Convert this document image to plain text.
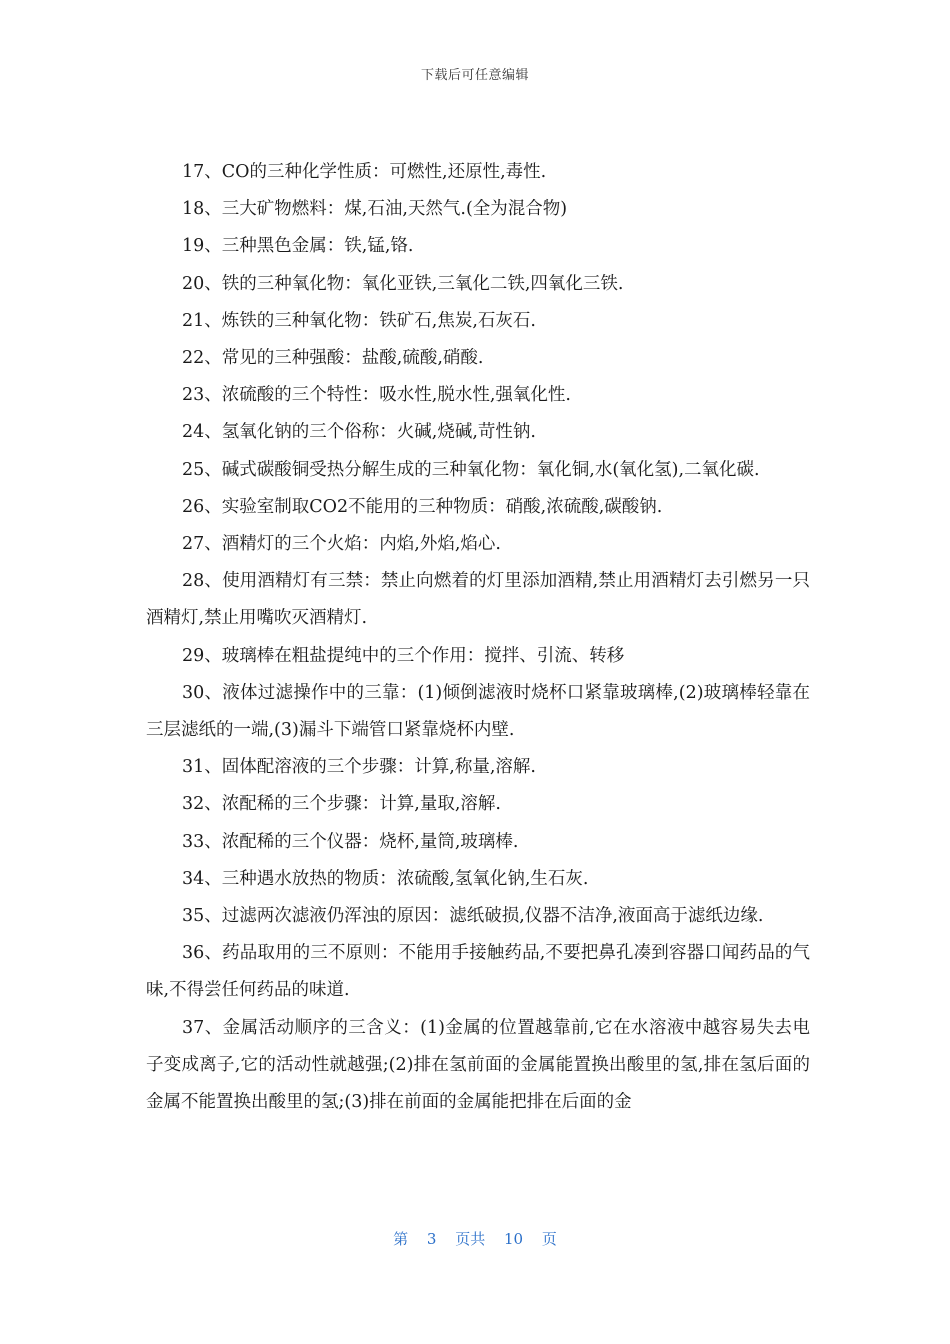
下载后可任意编辑

17、CO的三种化学性质：可燃性,还原性,毒性.

18、三大矿物燃料：煤,石油,天然气.(全为混合物)

19、三种黑色金属：铁,锰,铬.

20、铁的三种氧化物：氧化亚铁,三氧化二铁,四氧化三铁.

21、炼铁的三种氧化物：铁矿石,焦炭,石灰石.

22、常见的三种强酸：盐酸,硫酸,硝酸.

23、浓硫酸的三个特性：吸水性,脱水性,强氧化性.

24、氢氧化钠的三个俗称：火碱,烧碱,苛性钠.

25、碱式碳酸铜受热分解生成的三种氧化物：氧化铜,水(氧化氢),二氧化碳.

26、实验室制取CO2不能用的三种物质：硝酸,浓硫酸,碳酸钠.

27、酒精灯的三个火焰：内焰,外焰,焰心.

28、使用酒精灯有三禁：禁止向燃着的灯里添加酒精,禁止用酒精灯去引燃另一只酒精灯,禁止用嘴吹灭酒精灯.

29、玻璃棒在粗盐提纯中的三个作用：搅拌、引流、转移

30、液体过滤操作中的三靠：(1)倾倒滤液时烧杯口紧靠玻璃棒,(2)玻璃棒轻靠在三层滤纸的一端,(3)漏斗下端管口紧靠烧杯内壁.

31、固体配溶液的三个步骤：计算,称量,溶解.

32、浓配稀的三个步骤：计算,量取,溶解.

33、浓配稀的三个仪器：烧杯,量筒,玻璃棒.

34、三种遇水放热的物质：浓硫酸,氢氧化钠,生石灰.

35、过滤两次滤液仍浑浊的原因：滤纸破损,仪器不洁净,液面高于滤纸边缘.

36、药品取用的三不原则：不能用手接触药品,不要把鼻孔凑到容器口闻药品的气味,不得尝任何药品的味道.

37、金属活动顺序的三含义：(1)金属的位置越靠前,它在水溶液中越容易失去电子变成离子,它的活动性就越强;(2)排在氢前面的金属能置换出酸里的氢,排在氢后面的金属不能置换出酸里的氢;(3)排在前面的金属能把排在后面的金

第 3 页共 10 页
